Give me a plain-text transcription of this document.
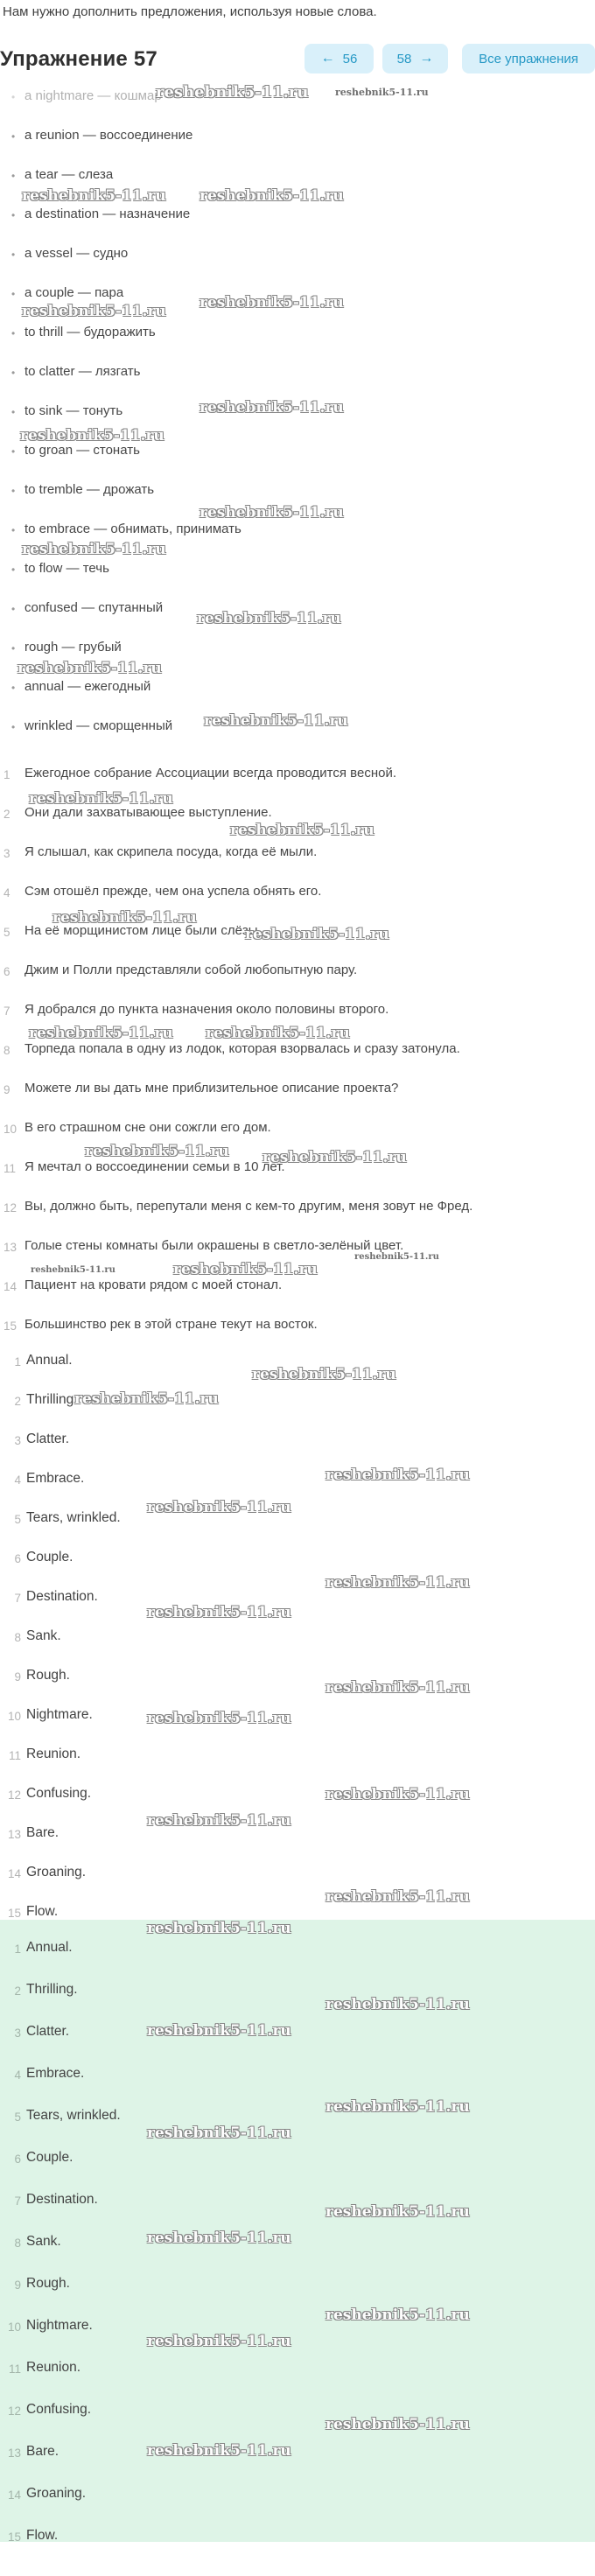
Нам нужно дополнить предложения, используя новые слова.

Упражнение 57	← 56	58 →	Все упражнения
• a nightmare — кошмар
• a reunion — воссоединение
• a tear — слеза
• a destination — назначение
• a vessel — судно
• a couple — пара
• to thrill — будоражить
• to clatter — лязгать
• to sink — тонуть
• to groan — стонать
• to tremble — дрожать
• to embrace — обнимать, принимать
• to flow — течь
• confused — спутанный
• rough — грубый
• annual — ежегодный
• wrinkled — сморщенный
1 Ежегодное собрание Ассоциации всегда проводится весной.
2 Они дали захватывающее выступление.
3 Я слышал, как скрипела посуда, когда её мыли.
4 Сэм отошёл прежде, чем она успела обнять его.
5 На её морщинистом лице были слёзы.
6 Джим и Полли представляли собой любопытную пару.
7 Я добрался до пункта назначения около половины второго.
8 Торпеда попала в одну из лодок, которая взорвалась и сразу затонула.
9 Можете ли вы дать мне приблизительное описание проекта?
10 В его страшном сне они сожгли его дом.
11 Я мечтал о воссоединении семьи в 10 лет.
12 Вы, должно быть, перепутали меня с кем-то другим, меня зовут не Фред.
13 Голые стены комнаты были окрашены в светло-зелёный цвет.
14 Пациент на кровати рядом с моей стонал.
15 Большинство рек в этой стране текут на восток.
1 Annual.
2 Thrilling.
3 Clatter.
4 Embrace.
5 Tears, wrinkled.
6 Couple.
7 Destination.
8 Sank.
9 Rough.
10 Nightmare.
11 Reunion.
12 Confusing.
13 Bare.
14 Groaning.
15 Flow.
1 Annual.
2 Thrilling.
3 Clatter.
4 Embrace.
5 Tears, wrinkled.
6 Couple.
7 Destination.
8 Sank.
9 Rough.
10 Nightmare.
11 Reunion.
12 Confusing.
13 Bare.
14 Groaning.
15 Flow.
reshebnik5-11.ru	reshebnik5-11.ru
reshebnik5-11.ru reshebnik5-11.ru
reshebnik5-11.ru
reshebnik5-11.ru
reshebnik5-11.ru
reshebnik5-11.ru
reshebnik5-11.ru
reshebnik5-11.ru
reshebnik5-11.ru
reshebnik5-11.ru
reshebnik5-11.ru
reshebnik5-11.ru
reshebnik5-11.ru
reshebnik5-11.ru
reshebnik5-11.ru
reshebnik5-11.ru reshebnik5-11.ru
reshebnik5-11.ru reshebnik5-11.ru
reshebnik5-11.ru
reshebnik5-11.ru	reshebnik5-11.ru
reshebnik5-11.ru
reshebnik5-11.ru
reshebnik5-11.ru
reshebnik5-11.ru
reshebnik5-11.ru
reshebnik5-11.ru
reshebnik5-11.ru
reshebnik5-11.ru
reshebnik5-11.ru
reshebnik5-11.ru
reshebnik5-11.ru
reshebnik5-11.ru
reshebnik5-11.ru
reshebnik5-11.ru
reshebnik5-11.ru
reshebnik5-11.ru
reshebnik5-11.ru
reshebnik5-11.ru
reshebnik5-11.ru
reshebnik5-11.ru
reshebnik5-11.ru
reshebnik5-11.ru
